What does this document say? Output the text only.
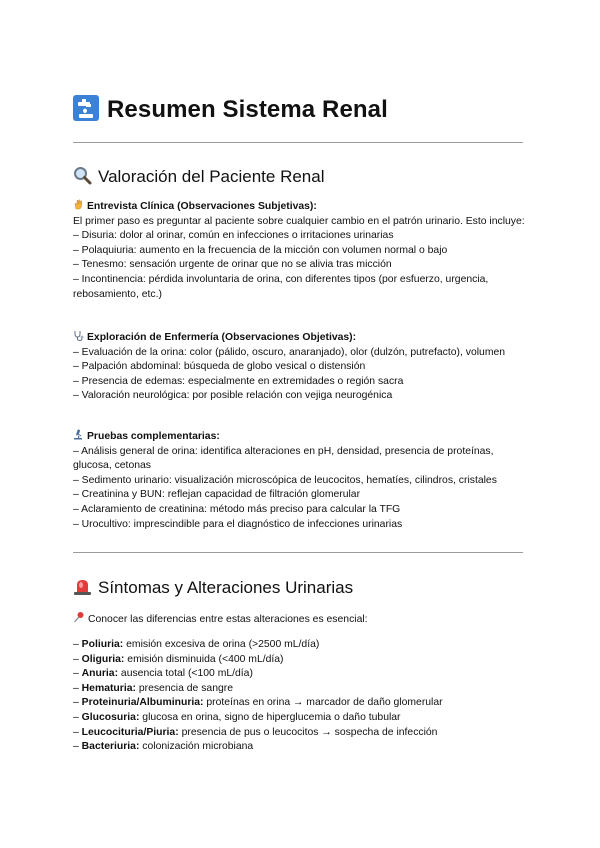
Resumen Sistema Renal
Valoración del Paciente Renal

Entrevista Clínica (Observaciones Subjetivas):

El primer paso es preguntar al paciente sobre cualquier cambio en el patrón urinario. Esto incluye:

– Disuria: dolor al orinar, común en infecciones o irritaciones urinarias

– Polaquiuria: aumento en la frecuencia de la micción con volumen normal o bajo

– Tenesmo: sensación urgente de orinar que no se alivia tras micción

– Incontinencia: pérdida involuntaria de orina, con diferentes tipos (por esfuerzo, urgencia, rebosamiento, etc.)

Exploración de Enfermería (Observaciones Objetivas):

– Evaluación de la orina: color (pálido, oscuro, anaranjado), olor (dulzón, putrefacto), volumen

– Palpación abdominal: búsqueda de globo vesical o distensión

– Presencia de edemas: especialmente en extremidades o región sacra

– Valoración neurológica: por posible relación con vejiga neurogénica

Pruebas complementarias:

– Análisis general de orina: identifica alteraciones en pH, densidad, presencia de proteínas, glucosa, cetonas

– Sedimento urinario: visualización microscópica de leucocitos, hematíes, cilindros, cristales

– Creatinina y BUN: reflejan capacidad de filtración glomerular

– Aclaramiento de creatinina: método más preciso para calcular la TFG

– Urocultivo: imprescindible para el diagnóstico de infecciones urinarias

Síntomas y Alteraciones Urinarias

Conocer las diferencias entre estas alteraciones es esencial:

– Poliuria: emisión excesiva de orina (>2500 mL/día)

– Oliguria: emisión disminuida (<400 mL/día)

– Anuria: ausencia total (<100 mL/día)

– Hematuria: presencia de sangre

– Proteinuria/Albuminuria: proteínas en orina → marcador de daño glomerular

– Glucosuria: glucosa en orina, signo de hiperglucemia o daño tubular

– Leucocituria/Piuria: presencia de pus o leucocitos → sospecha de infección

– Bacteriuria: colonización microbiana
